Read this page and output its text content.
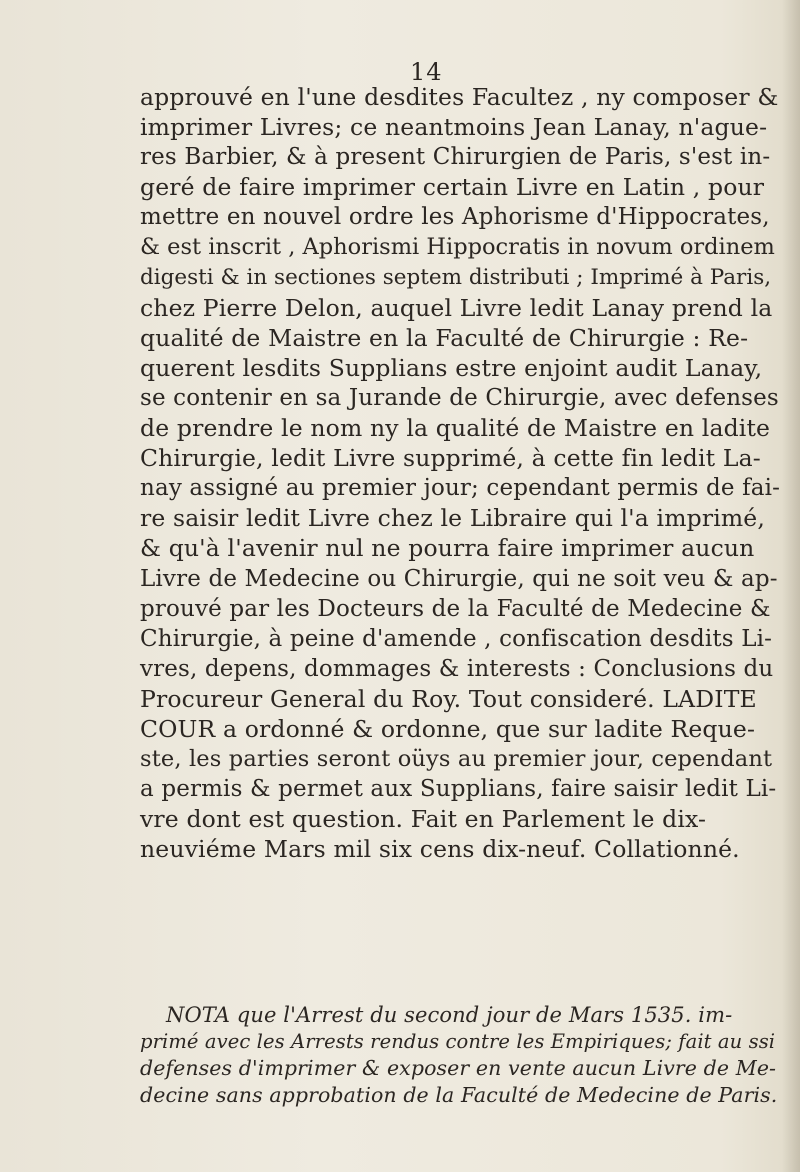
14
approuvé en l'une desdites Facultez , ny composer &
imprimer Livres; ce neantmoins Jean Lanay, n'ague-
res Barbier, & à present Chirurgien de Paris, s'est in-
geré de faire imprimer certain Livre en Latin , pour
mettre en nouvel ordre les Aphorisme d'Hippocrates,
& est inscrit , Aphorismi Hippocratis in novum ordinem
digesti & in sectiones septem distributi ; Imprimé à Paris,
chez Pierre Delon, auquel Livre ledit Lanay prend la
qualité de Maistre en la Faculté de Chirurgie : Re-
querent lesdits Supplians estre enjoint audit Lanay,
se contenir en sa Jurande de Chirurgie, avec defenses
de prendre le nom ny la qualité de Maistre en ladite
Chirurgie, ledit Livre supprimé, à cette fin ledit La-
nay assigné au premier jour; cependant permis de fai-
re saisir ledit Livre chez le Libraire qui l'a imprimé,
& qu'à l'avenir nul ne pourra faire imprimer aucun
Livre de Medecine ou Chirurgie, qui ne soit veu & ap-
prouvé par les Docteurs de la Faculté de Medecine &
Chirurgie, à peine d'amende , confiscation desdits Li-
vres, depens, dommages & interests : Conclusions du
Procureur General du Roy. Tout consideré. LADITE
COUR a ordonné & ordonne, que sur ladite Reque-
ste, les parties seront oüys au premier jour, cependant
a permis & permet aux Supplians, faire saisir ledit Li-
vre dont est question. Fait en Parlement le dix-
neuviéme Mars mil six cens dix-neuf. Collationné.
NOTA que l'Arrest du second jour de Mars 1535. im-
primé avec les Arrests rendus contre les Empiriques; fait au ssi
defenses d'imprimer & exposer en vente aucun Livre de Me-
decine sans approbation de la Faculté de Medecine de Paris.
